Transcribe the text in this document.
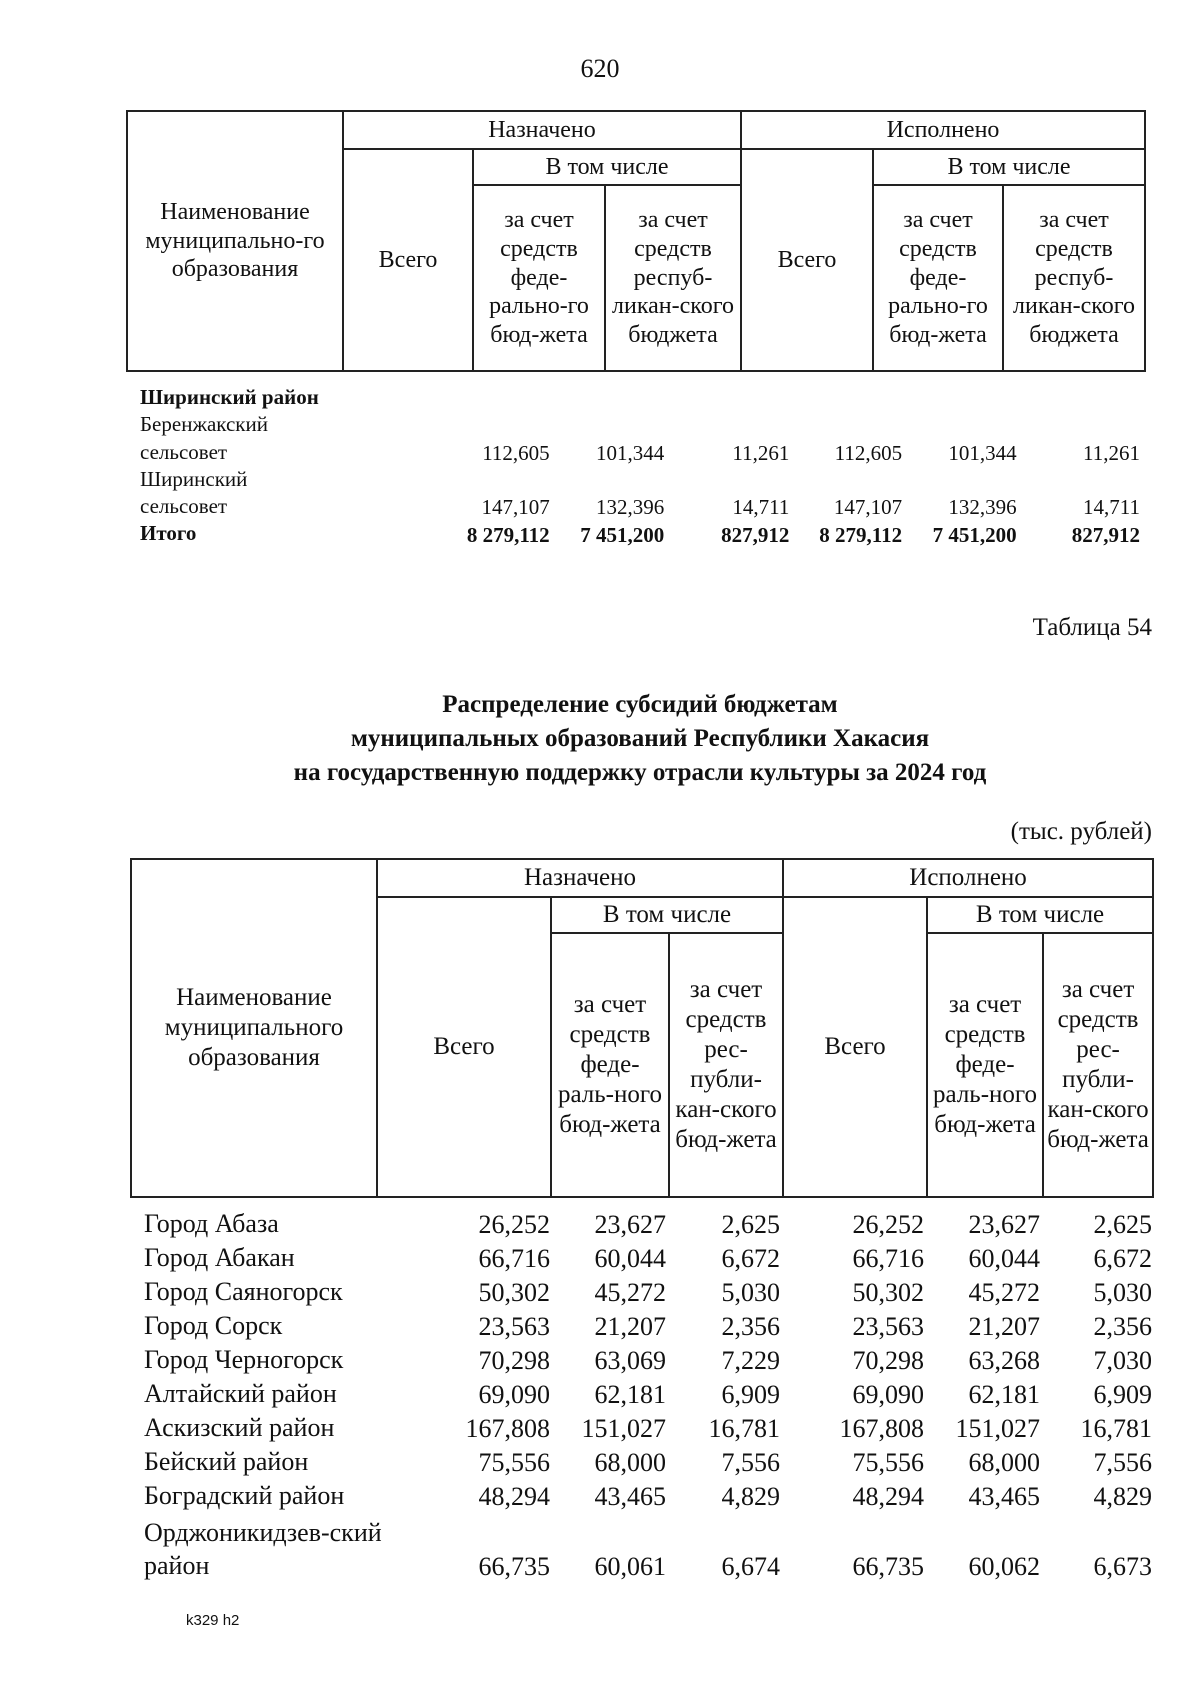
620
Наименование муниципально-го образования	Назначено			Исполнено		
	Всего	В том числе		Всего	В том числе	
		за счет средств феде-рально-го бюд-жета	за счет средств респуб-ликан-ского бюджета		за счет средств феде-рально-го бюд-жета	за счет средств респуб-ликан-ского бюджета
Ширинский район
Беренжакский сельсовет	112,605	101,344	11,261	112,605	101,344	11,261
Ширинский сельсовет	147,107	132,396	14,711	147,107	132,396	14,711
Итого	8 279,112	7 451,200	827,912	8 279,112	7 451,200	827,912
Таблица 54
Распределение субсидий бюджетам
муниципальных образований Республики Хакасия
на государственную поддержку отрасли культуры за 2024 год
(тыс. рублей)
Наименование муниципального образования	Назначено			Исполнено		
	Всего	В том числе		Всего	В том числе	
		за счет средств феде-раль-ного бюд-жета	за счет средств рес-публи-кан-ского бюд-жета		за счет средств феде-раль-ного бюд-жета	за счет средств рес-публи-кан-ского бюд-жета
Город Абаза	26,252	23,627	2,625	26,252	23,627	2,625
Город Абакан	66,716	60,044	6,672	66,716	60,044	6,672
Город Саяногорск	50,302	45,272	5,030	50,302	45,272	5,030
Город Сорск	23,563	21,207	2,356	23,563	21,207	2,356
Город Черногорск	70,298	63,069	7,229	70,298	63,268	7,030
Алтайский район	69,090	62,181	6,909	69,090	62,181	6,909
Аскизский район	167,808	151,027	16,781	167,808	151,027	16,781
Бейский район	75,556	68,000	7,556	75,556	68,000	7,556
Боградский район	48,294	43,465	4,829	48,294	43,465	4,829
Орджоникидзев-ский район	66,735	60,061	6,674	66,735	60,062	6,673
k329 h2
